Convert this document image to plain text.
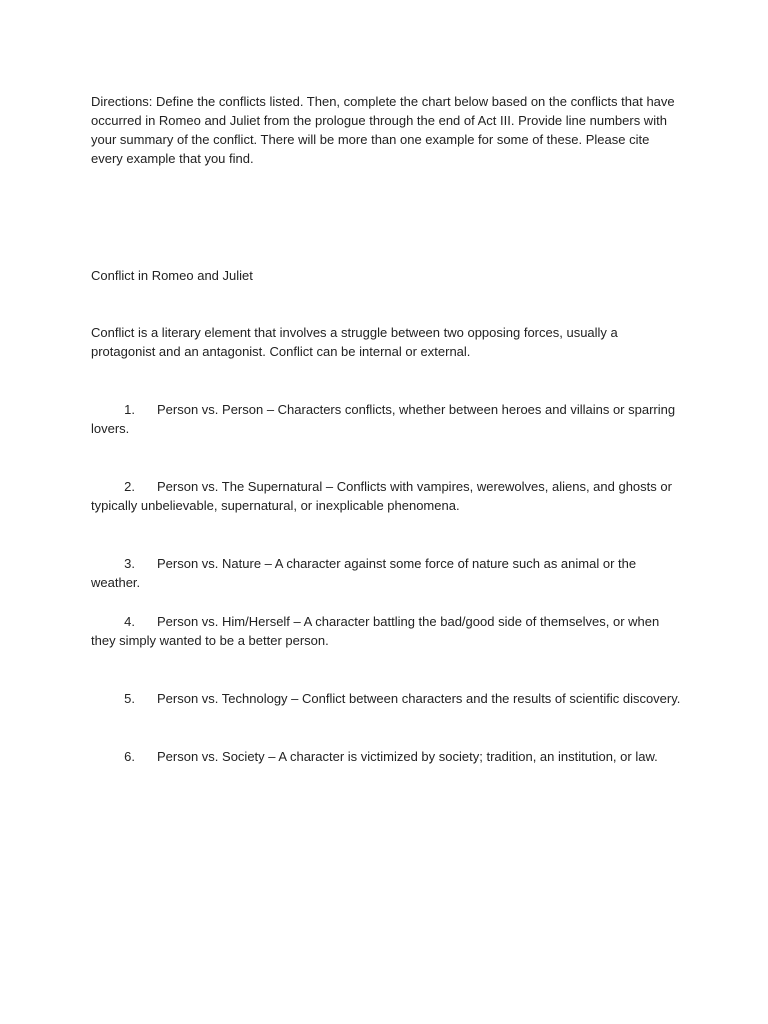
Directions: Define the conflicts listed. Then, complete the chart below based on the conflicts that have occurred in Romeo and Juliet from the prologue through the end of Act III. Provide line numbers with your summary of the conflict. There will be more than one example for some of these. Please cite every example that you find.

Conflict in Romeo and Juliet

Conflict is a literary element that involves a struggle between two opposing forces, usually a protagonist and an antagonist. Conflict can be internal or external.

1. Person vs. Person – Characters conflicts, whether between heroes and villains or sparring lovers.

2. Person vs. The Supernatural – Conflicts with vampires, werewolves, aliens, and ghosts or typically unbelievable, supernatural, or inexplicable phenomena.

3. Person vs. Nature – A character against some force of nature such as animal or the weather.

4. Person vs. Him/Herself – A character battling the bad/good side of themselves, or when they simply wanted to be a better person.

5. Person vs. Technology – Conflict between characters and the results of scientific discovery.

6. Person vs. Society – A character is victimized by society; tradition, an institution, or law.
